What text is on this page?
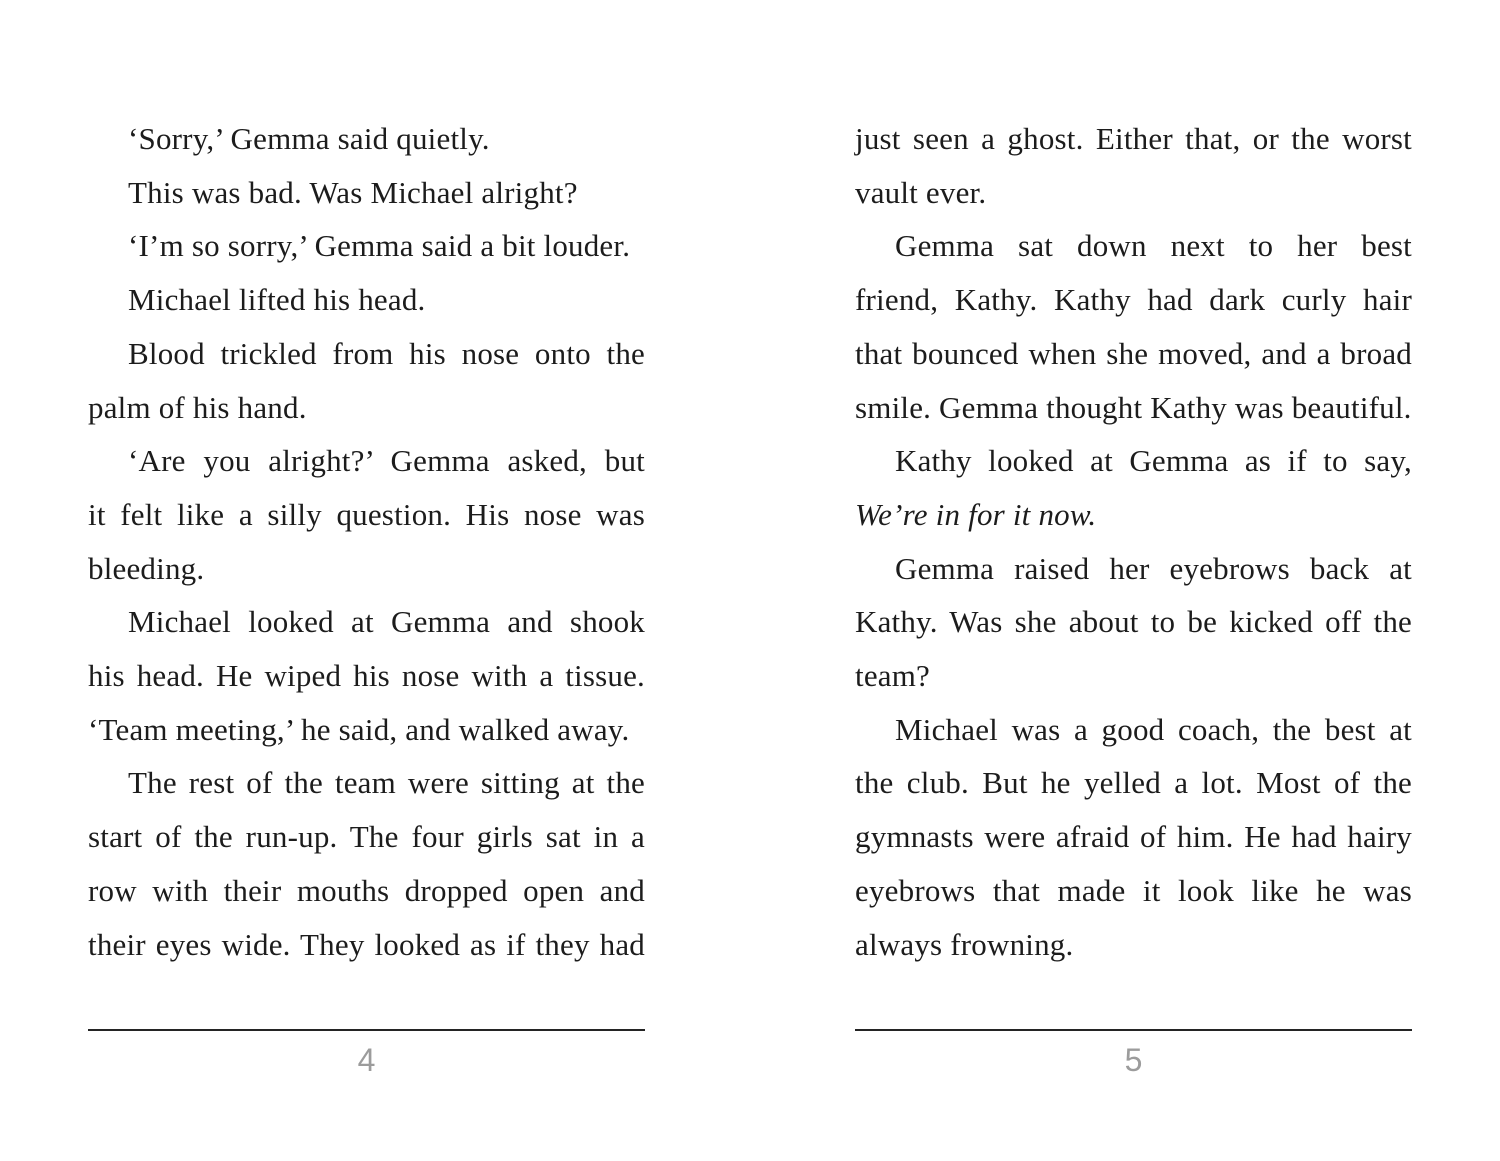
‘Sorry,’ Gemma said quietly.
This was bad. Was Michael alright?
‘I’m so sorry,’ Gemma said a bit louder.
Michael lifted his head.
Blood trickled from his nose onto the
palm of his hand.
‘Are you alright?’ Gemma asked, but
it felt like a silly question. His nose was
bleeding.
Michael looked at Gemma and shook
his head. He wiped his nose with a tissue.
‘Team meeting,’ he said, and walked away.
The rest of the team were sitting at the
start of the run-up. The four girls sat in a
row with their mouths dropped open and
their eyes wide. They looked as if they had
4
just seen a ghost. Either that, or the worst
vault ever.
Gemma sat down next to her best
friend, Kathy. Kathy had dark curly hair
that bounced when she moved, and a broad
smile. Gemma thought Kathy was beautiful.
Kathy looked at Gemma as if to say,
We’re in for it now.
Gemma raised her eyebrows back at
Kathy. Was she about to be kicked off the
team?
Michael was a good coach, the best at
the club. But he yelled a lot. Most of the
gymnasts were afraid of him. He had hairy
eyebrows that made it look like he was
always frowning.
5
